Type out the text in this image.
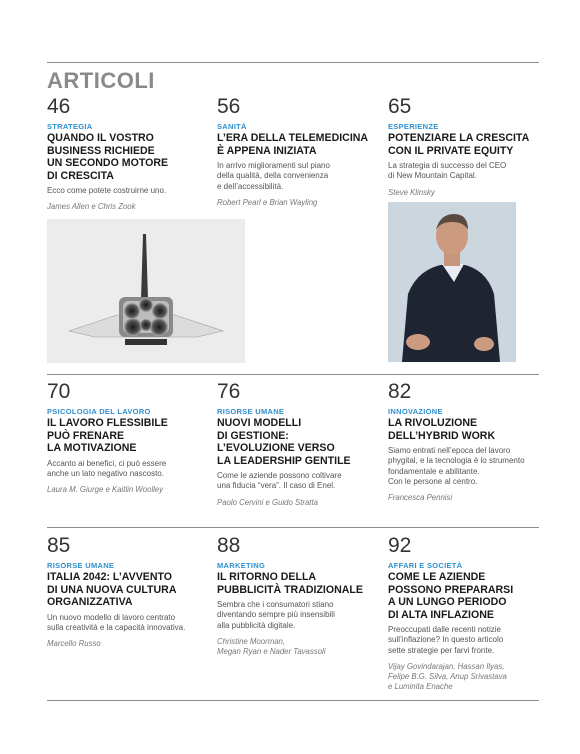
ARTICOLI
46
STRATEGIA
QUANDO IL VOSTRO
BUSINESS RICHIEDE
UN SECONDO MOTORE
DI CRESCITA
Ecco come potete costruirne uno.
James Allen e Chris Zook
56
SANITÀ
L’ERA DELLA TELEMEDICINA
È APPENA INIZIATA
In arrivo miglioramenti sul piano
della qualità, della convenienza
e dell’accessibilità.
Robert Pearl e Brian Wayling
65
ESPERIENZE
POTENZIARE LA CRESCITA
CON IL PRIVATE EQUITY
La strategia di successo del CEO
di New Mountain Capital.
Steve Klinsky
70
PSICOLOGIA DEL LAVORO
IL LAVORO FLESSIBILE
PUÒ FRENARE
LA MOTIVAZIONE
Accanto ai benefici, ci può essere
anche un lato negativo nascosto.
Laura M. Giurge e Kaitlin Woolley
76
RISORSE UMANE
NUOVI MODELLI
DI GESTIONE:
L’EVOLUZIONE VERSO
LA LEADERSHIP GENTILE
Come le aziende possono coltivare
una fiducia “vera”. Il caso di Enel.
Paolo Cervini e Guido Stratta
82
INNOVAZIONE
LA RIVOLUZIONE
DELL’HYBRID WORK
Siamo entrati nell’epoca del lavoro
phygital, e la tecnologia è lo strumento
fondamentale e abilitante.
Con le persone al centro.
Francesca Pennisi
85
RISORSE UMANE
ITALIA 2042: L’AVVENTO
DI UNA NUOVA CULTURA
ORGANIZZATIVA
Un nuovo modello di lavoro centrato
sulla creatività e la capacità innovativa.
Marcello Russo
88
MARKETING
IL RITORNO DELLA
PUBBLICITÀ TRADIZIONALE
Sembra che i consumatori stiano
diventando sempre più insensibili
alla pubblicità digitale.
Christine Moorman,
Megan Ryan e Nader Tavassoli
92
AFFARI E SOCIETÀ
COME LE AZIENDE
POSSONO PREPARARSI
A UN LUNGO PERIODO
DI ALTA INFLAZIONE
Preoccupati dalle recenti notizie
sull’inflazione? In questo articolo
sette strategie per farvi fronte.
Vijay Govindarajan, Hassan Ilyas,
Felipe B.G. Silva, Anup Srivastava
e Luminita Enache
